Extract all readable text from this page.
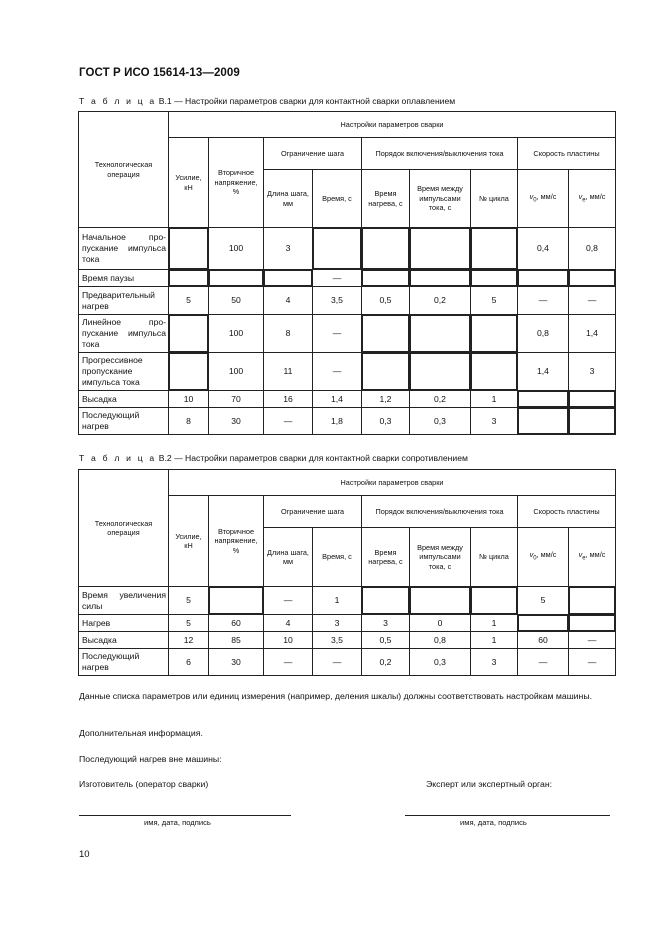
ГОСТ Р ИСО 15614-13—2009
Т а б л и ц а В.1 — Настройки параметров сварки для контактной сварки оплавлением
Технологическая операция	Настройки параметров сварки								
	Усилие, кН	Вторичное напряжение, %	Ограничение шага		Порядок включения/выключения тока			Скорость пластины	
			Длина шага, мм	Время, с	Время нагрева, с	Время между импульсами тока, с	№ цикла	$v_0$, мм/с	$v_e$, мм/с
Начальное пропускание импульса тока		100	3					0,4	0,8
Время паузы				—					
Предварительный нагрев	5	50	4	3,5	0,5	0,2	5	—	—
Линейное пропускание импульса тока		100	8	—				0,8	1,4
Прогрессивное пропускание импульса тока		100	11	—				1,4	3
Высадка	10	70	16	1,4	1,2	0,2	1		
Последующий нагрев	8	30	—	1,8	0,3	0,3	3		
Т а б л и ц а В.2 — Настройки параметров сварки для контактной сварки сопротивлением
Технологическая операция	Настройки параметров сварки								
	Усилие, кН	Вторичное напряжение, %	Ограничение шага		Порядок включения/выключения тока			Скорость пластины	
			Длина шага, мм	Время, с	Время нагрева, с	Время между импульсами тока, с	№ цикла	$v_0$, мм/с	$v_e$, мм/с
Время увеличения силы	5		—	1				5	
Нагрев	5	60	4	3	3	0	1		
Высадка	12	85	10	3,5	0,5	0,8	1	60	—
Последующий нагрев	6	30	—	—	0,2	0,3	3	—	—
Данные списка параметров или единиц измерения (например, деления шкалы) должны соответствовать настройкам машины.
Дополнительная информация.
Последующий нагрев вне машины:
Изготовитель (оператор сварки)	Эксперт или экспертный орган:
имя, дата, подпись	имя, дата, подпись
10
